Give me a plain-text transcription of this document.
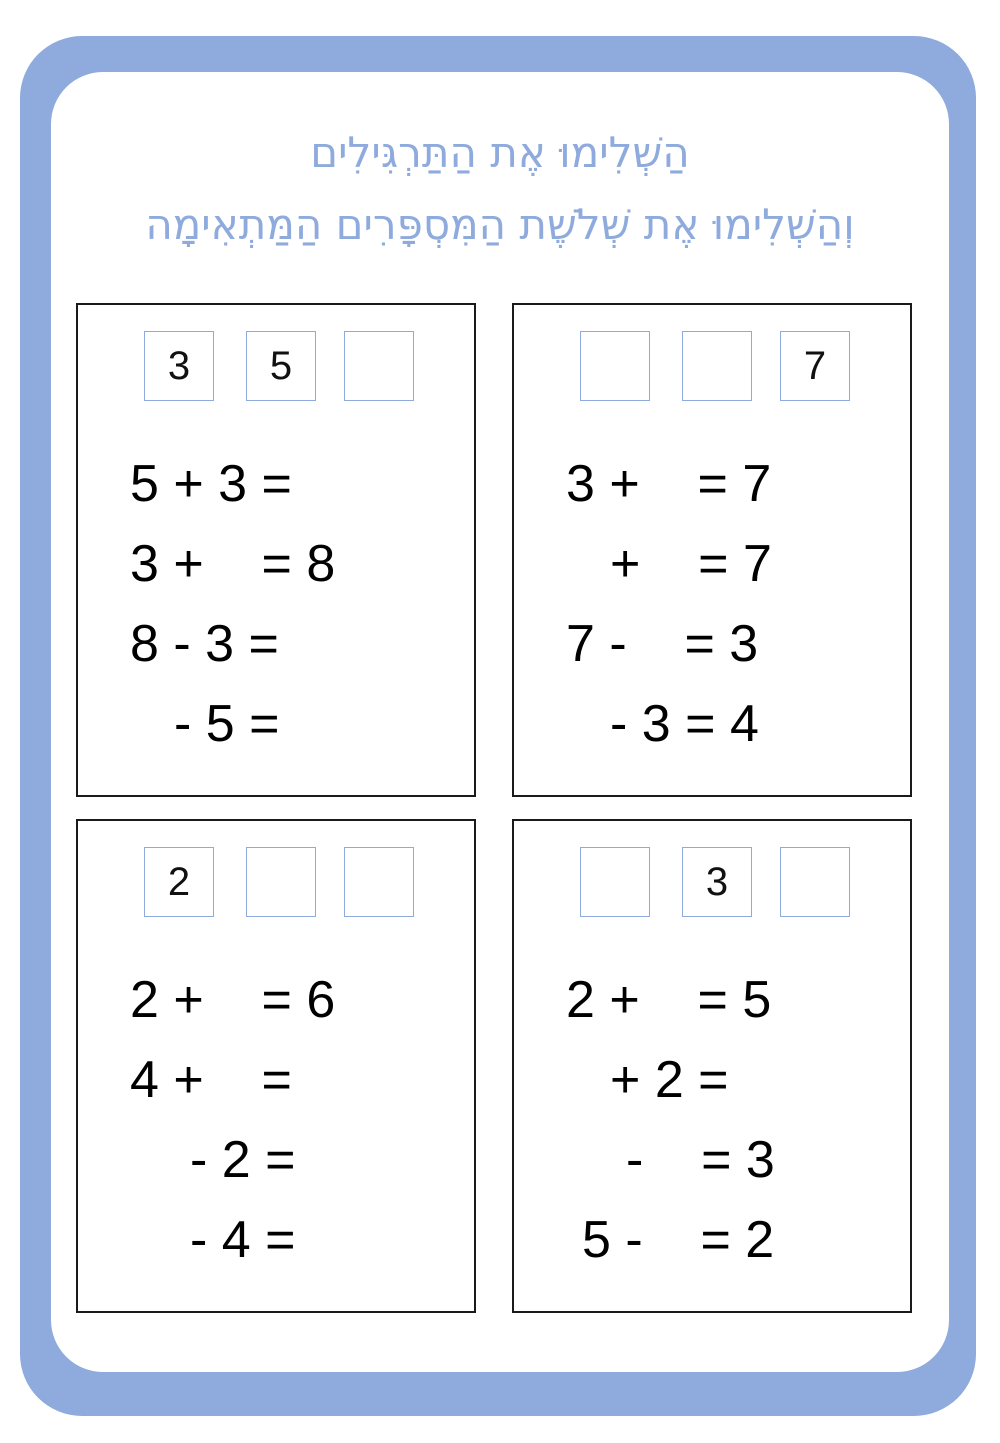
הַשְׁלִימוּ אֶת הַתַּרְגִּילִים
וְהַשְׁלִימוּ אֶת שְׁלֹשֶׁת הַמִּסְפָּרִים הַמַּתְאִימָה
3	5
5 + 3 =
3 +    = 8
8 - 3 =
- 5 =
7
3 +    = 7
+    = 7
7 -    = 3
- 3 = 4
2
2 +    = 6
4 +    =
- 2 =
- 4 =
3
2 +    = 5
+ 2 =
-    = 3
5 -    = 2
